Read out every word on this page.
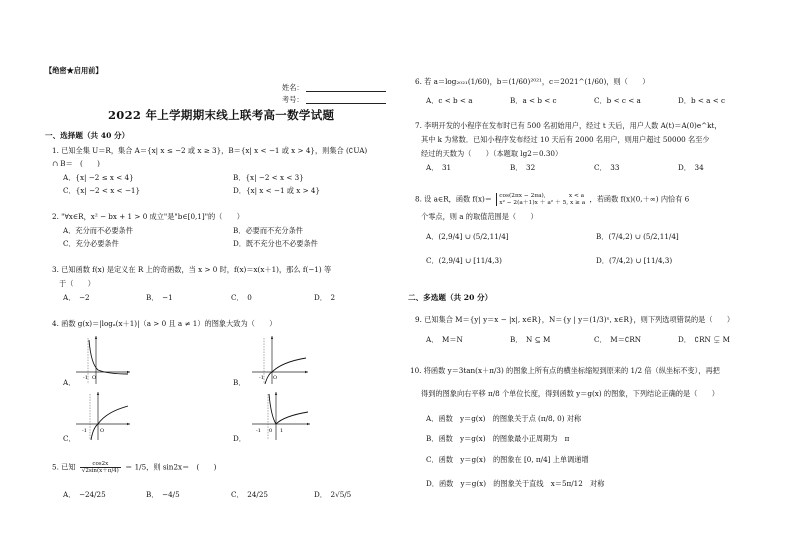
【绝密★启用前】
姓名：
考号：
2022 年上学期期末线上联考高一数学试题
一、选择题（共 40 分）
1. 已知全集 U＝R，集合 A＝{x| x ≤ −2 或 x ≥ 3}，B＝{x| x < −1 或 x > 4}，则集合 (∁UA)
∩ B＝　(　　)
A．{x| −2 ≤ x < 4}	B．{x| −2 < x < 3}
C．{x| −2 < x < −1}	D．{x| x < −1 或 x > 4}
2. "∀x∈R，x² − bx + 1 > 0 成立"是"b∈[0,1]"的（　　）
A．充分而不必要条件	B．必要而不充分条件
C．充分必要条件	D．既不充分也不必要条件
3. 已知函数 f(x) 是定义在 R 上的奇函数，当 x > 0 时，f(x)＝x(x＋1)，那么 f(−1) 等
于（　　）
A．　−2	B．　−1	C．　0	D．　2
4. 函数 g(x)＝|logₐ(x＋1)|（a > 0 且 a ≠ 1）的图象大致为（　　）
A． -1 O	B．	-1 O
C．
-1	O
D．
-1 0 1
5. 已知 $\frac{\cos 2x}{√2\sin(x+\pi/4)} = 1/5$，则 sin2x＝　(　　)
A．　−24/25	B．　−4/5	C．　24/25	D．　2√5/5
6. 若 a＝log₂₀₂₁(1/60)，b＝(1/60)²⁰²¹，c＝2021^(1/60)，则（　　）
A．c < b < a	B．a < b < c	C．b < c < a	D．b < a < c
7. 李明开发的小程序在发布时已有 500 名初始用户，经过 t 天后，用户人数 A(t)＝A(0)e^kt，
其中 k 为常数．已知小程序发布经过 10 天后有 2000 名用户，则用户超过 50000 名至少
经过的天数为（　　）（本题取 lg2＝0.30）
A．　31	B．　32	C．　33	D．　34
8. 设 a∈R，函数 f(x)＝ cos(2πx − 2πa),　　　　x < a
x² − 2(a＋1)x ＋ a² ＋ 5, x ≥ a ，若函数 f(x)(0,＋∞) 内恰有 6
个零点，则 a 的取值范围是（　　）
A．(2,9/4] ∪ (5/2,11/4]	B．(7/4,2) ∪ (5/2,11/4]
C．(2,9/4] ∪ [11/4,3)	D．(7/4,2) ∪ [11/4,3)
二、多选题（共 20 分）
9. 已知集合 M＝{y| y＝x − |x|, x∈R}，N＝{y | y＝(1/3)ˣ, x∈R}，则下列选项错误的是（　　）
A．　M＝N	B．　N ⊆ M	C．　M＝∁RN	D．　∁RN ⊊ M
10. 将函数 y＝3tan(x＋π/3) 的图象上所有点的横坐标缩短到原来的 1/2 倍（纵坐标不变），再把
得到的图象向右平移 π/8 个单位长度，得到函数 y＝g(x) 的图象，下列结论正确的是（　　）
A．函数　y＝g(x)　的图象关于点 (π/8, 0) 对称
B．函数　y＝g(x)　的图象最小正周期为　π
C．函数　y＝g(x)　的图象在 [0, π/4] 上单调递增
D．函数　y＝g(x)　的图象关于直线　x＝5π/12　对称
